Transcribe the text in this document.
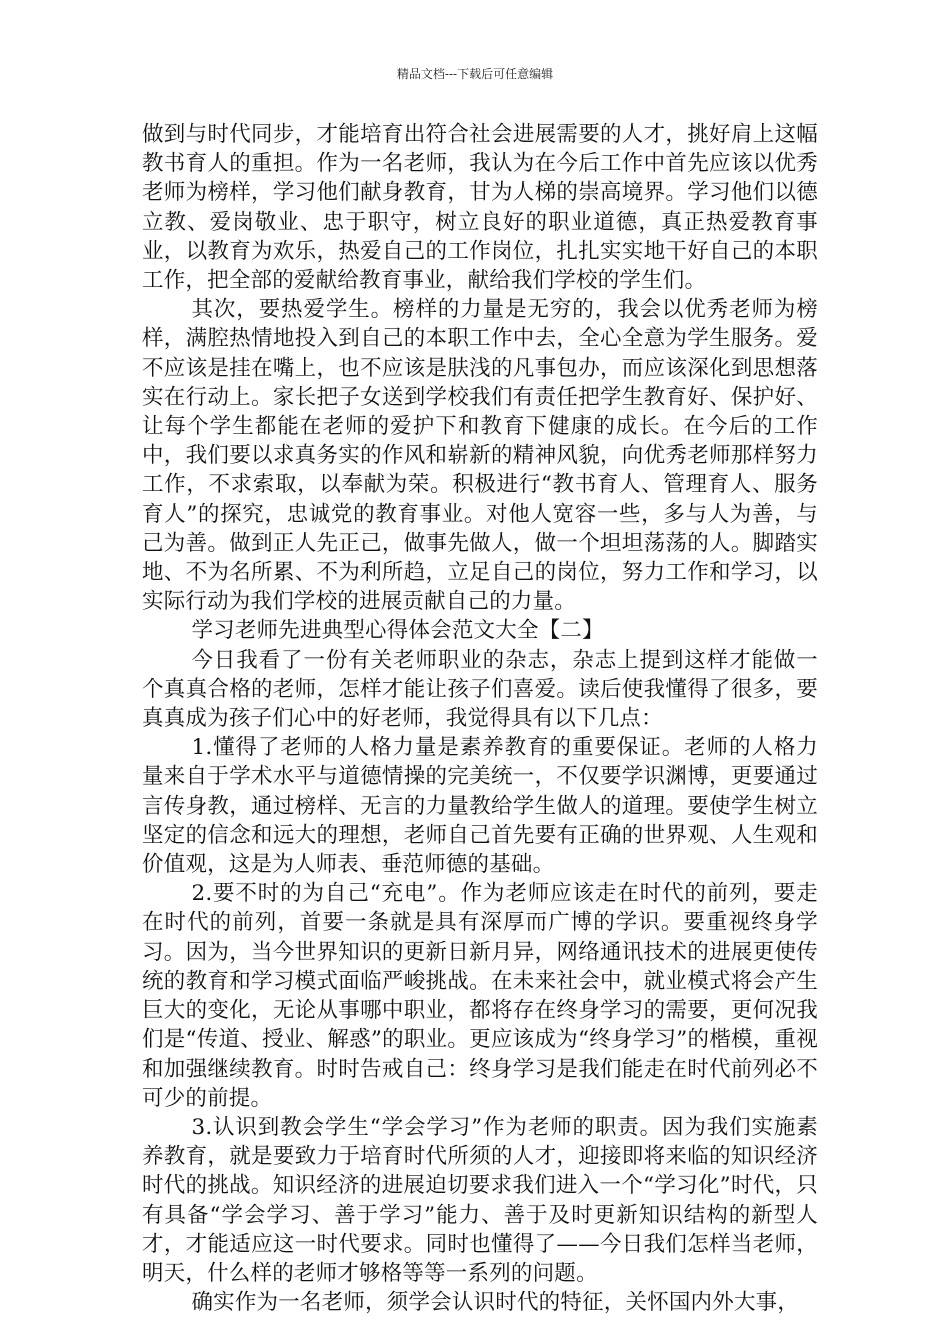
精品文档---下载后可任意编辑

做到与时代同步，才能培育出符合社会进展需要的人才，挑好肩上这幅教书育人的重担。作为一名老师，我认为在今后工作中首先应该以优秀老师为榜样，学习他们献身教育，甘为人梯的崇高境界。学习他们以德立教、爱岗敬业、忠于职守，树立良好的职业道德，真正热爱教育事业，以教育为欢乐，热爱自己的工作岗位，扎扎实实地干好自己的本职工作，把全部的爱献给教育事业，献给我们学校的学生们。

其次，要热爱学生。榜样的力量是无穷的，我会以优秀老师为榜样，满腔热情地投入到自己的本职工作中去，全心全意为学生服务。爱不应该是挂在嘴上，也不应该是肤浅的凡事包办，而应该深化到思想落实在行动上。家长把子女送到学校我们有责任把学生教育好、保护好、让每个学生都能在老师的爱护下和教育下健康的成长。在今后的工作中，我们要以求真务实的作风和崭新的精神风貌，向优秀老师那样努力工作，不求索取，以奉献为荣。积极进行“教书育人、管理育人、服务育人”的探究，忠诚党的教育事业。对他人宽容一些，多与人为善，与己为善。做到正人先正己，做事先做人，做一个坦坦荡荡的人。脚踏实地、不为名所累、不为利所趋，立足自己的岗位，努力工作和学习，以实际行动为我们学校的进展贡献自己的力量。

学习老师先进典型心得体会范文大全【二】

今日我看了一份有关老师职业的杂志，杂志上提到这样才能做一个真真合格的老师，怎样才能让孩子们喜爱。读后使我懂得了很多，要真真成为孩子们心中的好老师，我觉得具有以下几点：

1.懂得了老师的人格力量是素养教育的重要保证。老师的人格力量来自于学术水平与道德情操的完美统一，不仅要学识渊博，更要通过言传身教，通过榜样、无言的力量教给学生做人的道理。要使学生树立坚定的信念和远大的理想，老师自己首先要有正确的世界观、人生观和价值观，这是为人师表、垂范师德的基础。

2.要不时的为自己“充电”。作为老师应该走在时代的前列，要走在时代的前列，首要一条就是具有深厚而广博的学识。要重视终身学习。因为，当今世界知识的更新日新月异，网络通讯技术的进展更使传统的教育和学习模式面临严峻挑战。在未来社会中，就业模式将会产生巨大的变化，无论从事哪中职业，都将存在终身学习的需要，更何况我们是“传道、授业、解惑”的职业。更应该成为“终身学习”的楷模，重视和加强继续教育。时时告戒自己：终身学习是我们能走在时代前列必不可少的前提。

3.认识到教会学生“学会学习”作为老师的职责。因为我们实施素养教育，就是要致力于培育时代所须的人才，迎接即将来临的知识经济时代的挑战。知识经济的进展迫切要求我们进入一个“学习化”时代，只有具备“学会学习、善于学习”能力、善于及时更新知识结构的新型人才，才能适应这一时代要求。同时也懂得了——今日我们怎样当老师，明天，什么样的老师才够格等等一系列的问题。

确实作为一名老师，须学会认识时代的特征，关怀国内外大事，
